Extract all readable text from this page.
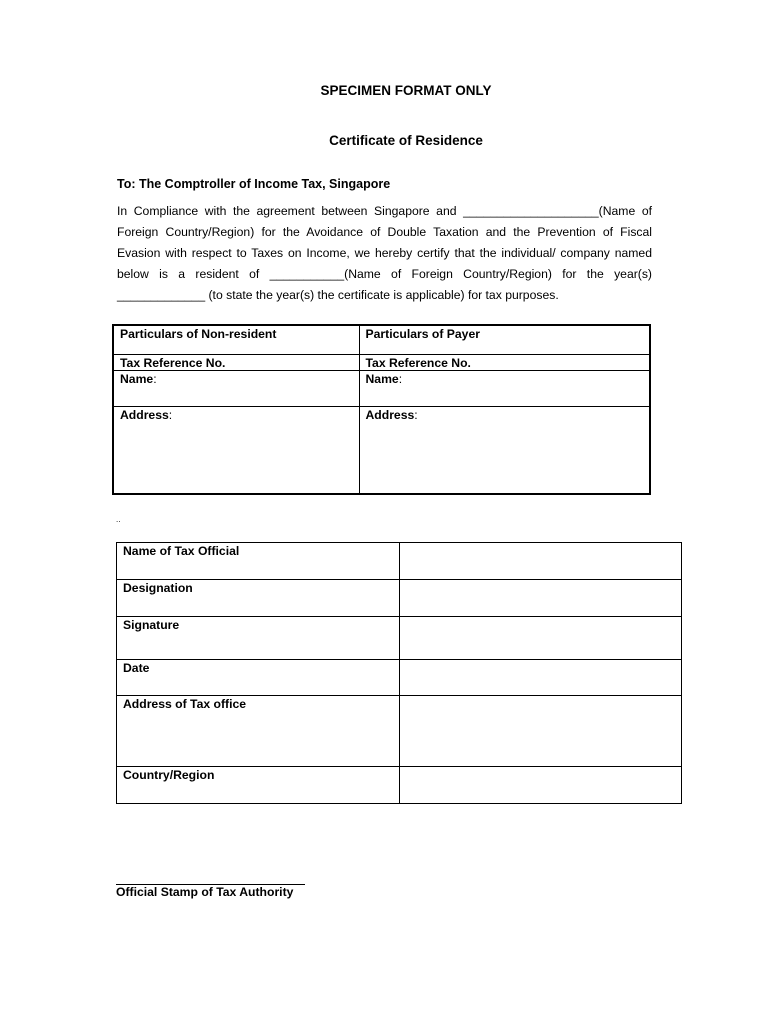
SPECIMEN FORMAT ONLY
Certificate of Residence
To: The Comptroller of Income Tax, Singapore
In Compliance with the agreement between Singapore and ____________________(Name of Foreign Country/Region) for the Avoidance of Double Taxation and the Prevention of Fiscal Evasion with respect to Taxes on Income, we hereby certify that the individual/ company named below is a resident of ___________(Name of Foreign Country/Region) for the year(s) _____________ (to state the year(s) the certificate is applicable) for tax purposes.
Particulars of Non-resident	Particulars of Payer
Tax Reference No.	Tax Reference No.
Name:	Name:
Address:	Address:
..
Name of Tax Official	
Designation	
Signature	
Date	
Address of Tax office	
Country/Region	
Official Stamp of Tax Authority
